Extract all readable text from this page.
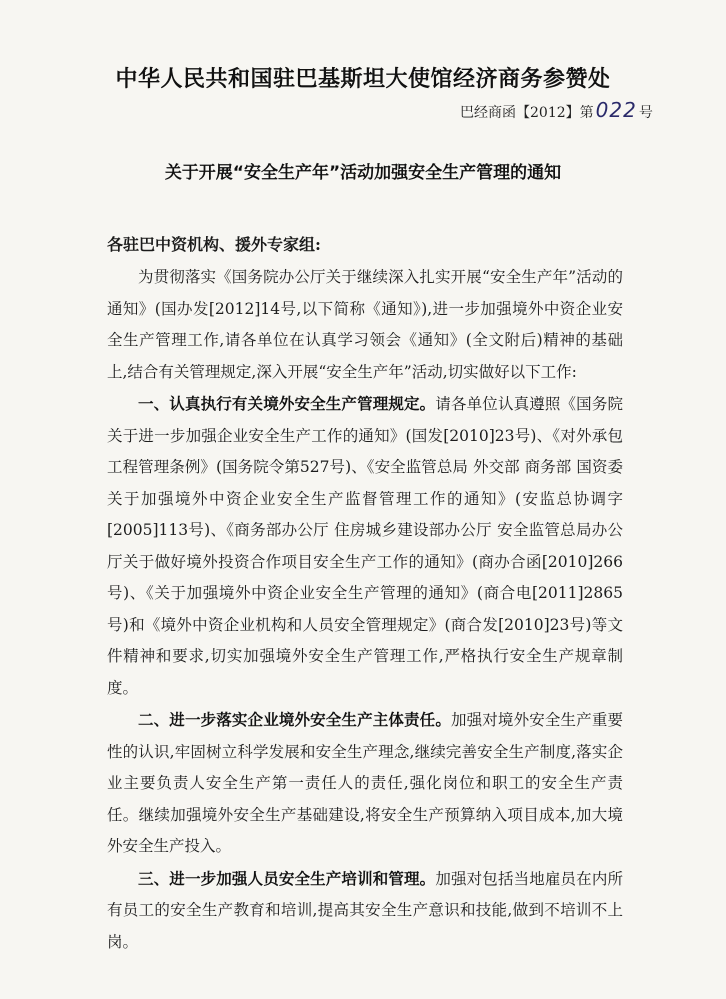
中华人民共和国驻巴基斯坦大使馆经济商务参赞处
巴经商函【2012】第 022 号
关于开展“安全生产年”活动加强安全生产管理的通知
各驻巴中资机构、援外专家组:

为贯彻落实《国务院办公厅关于继续深入扎实开展“安全生产年”活动的通知》(国办发[2012]14号,以下简称《通知》),进一步加强境外中资企业安全生产管理工作,请各单位在认真学习领会《通知》(全文附后)精神的基础上,结合有关管理规定,深入开展“安全生产年”活动,切实做好以下工作:

一、认真执行有关境外安全生产管理规定。请各单位认真遵照《国务院关于进一步加强企业安全生产工作的通知》(国发[2010]23号)、《对外承包工程管理条例》(国务院令第527号)、《安全监管总局 外交部 商务部 国资委关于加强境外中资企业安全生产监督管理工作的通知》(安监总协调字[2005]113号)、《商务部办公厅 住房城乡建设部办公厅 安全监管总局办公厅关于做好境外投资合作项目安全生产工作的通知》(商办合函[2010]266号)、《关于加强境外中资企业安全生产管理的通知》(商合电[2011]2865号)和《境外中资企业机构和人员安全管理规定》(商合发[2010]23号)等文件精神和要求,切实加强境外安全生产管理工作,严格执行安全生产规章制度。

二、进一步落实企业境外安全生产主体责任。加强对境外安全生产重要性的认识,牢固树立科学发展和安全生产理念,继续完善安全生产制度,落实企业主要负责人安全生产第一责任人的责任,强化岗位和职工的安全生产责任。继续加强境外安全生产基础建设,将安全生产预算纳入项目成本,加大境外安全生产投入。

三、进一步加强人员安全生产培训和管理。加强对包括当地雇员在内所有员工的安全生产教育和培训,提高其安全生产意识和技能,做到不培训不上岗。
